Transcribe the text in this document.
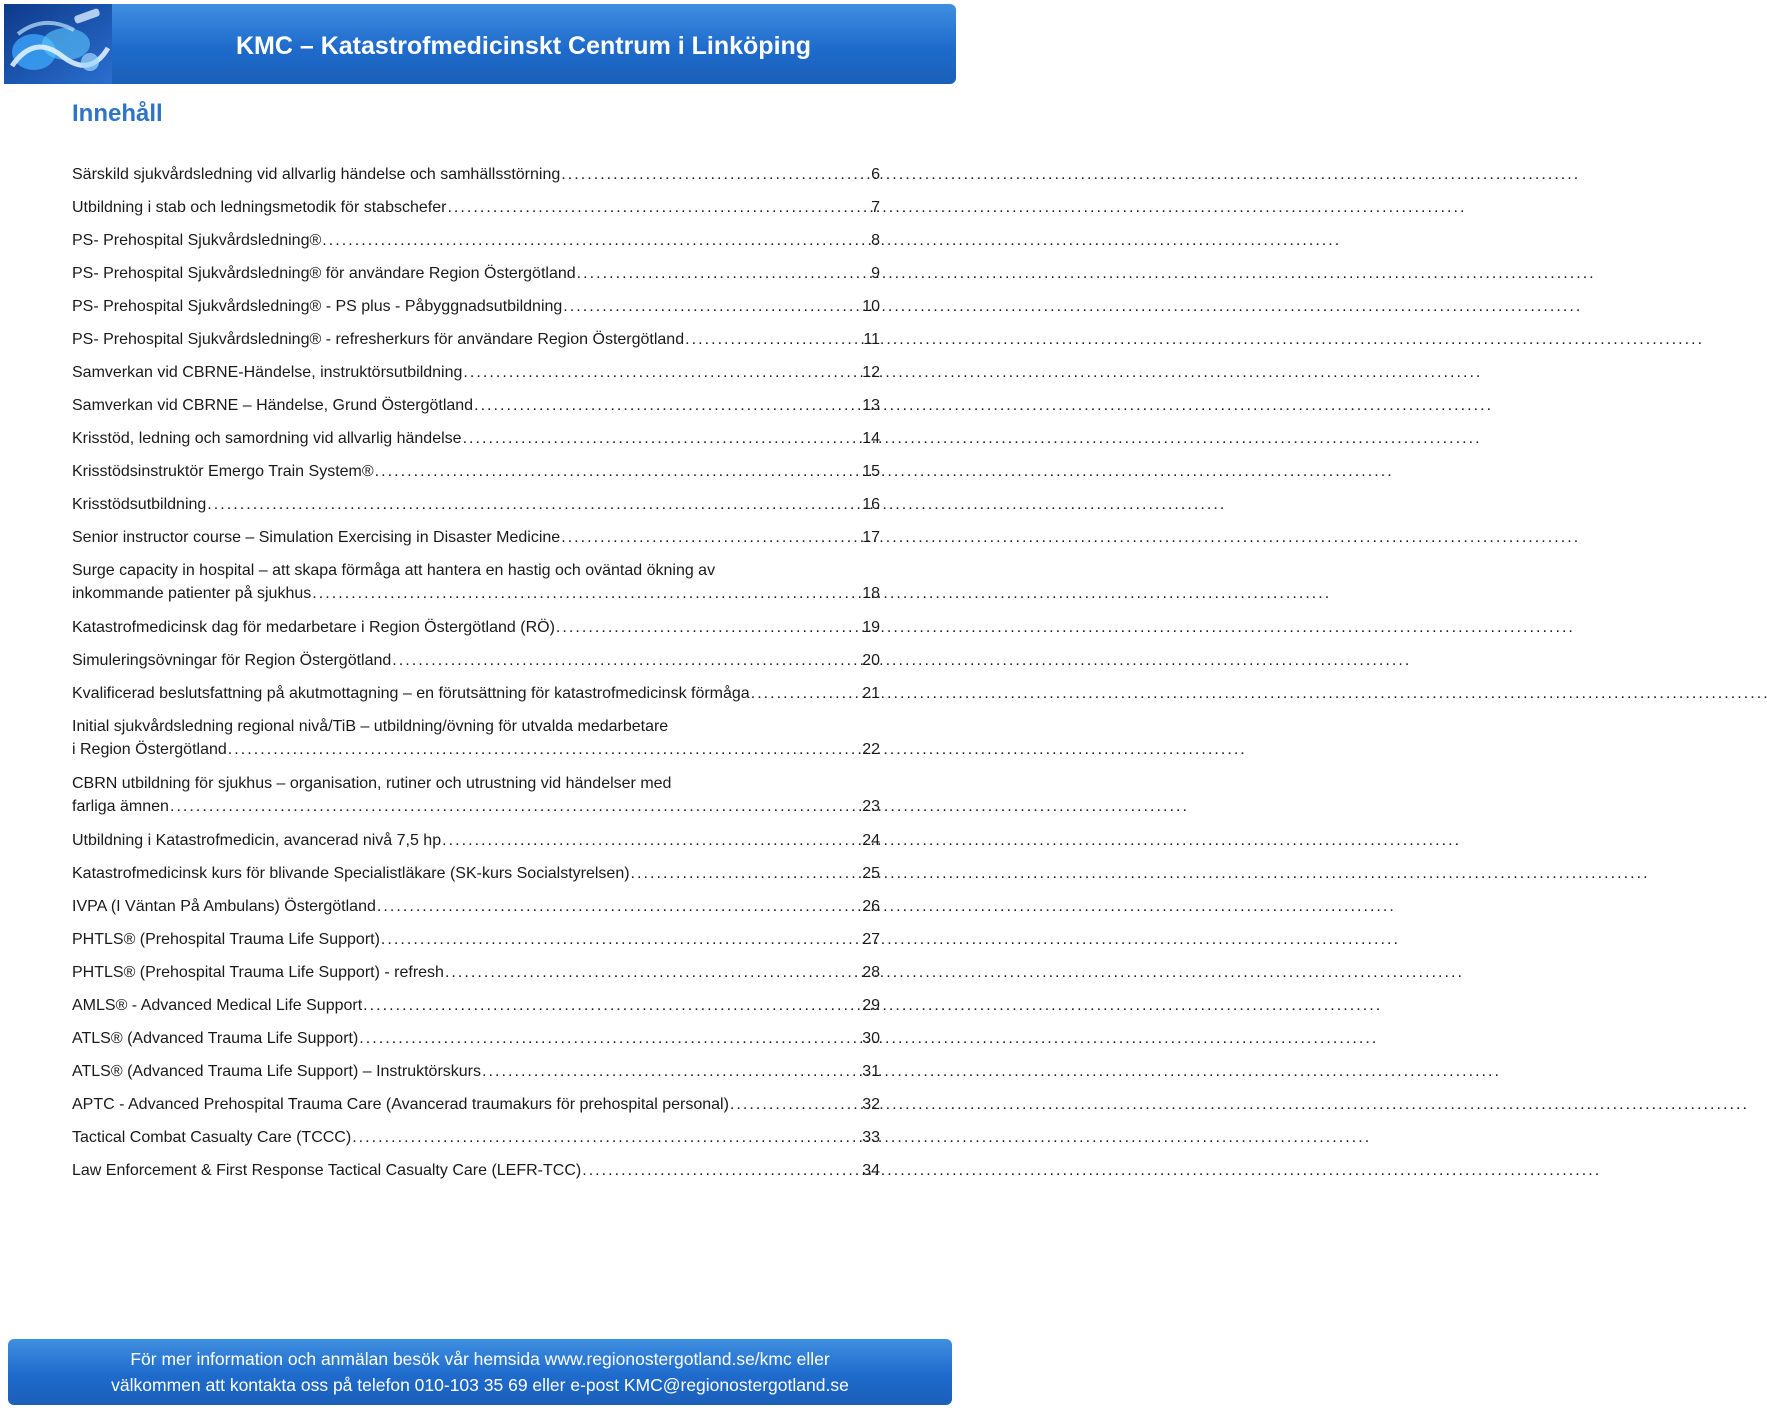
KMC – Katastrofmedicinskt Centrum i Linköping
Innehåll
Särskild sjukvårdsledning vid allvarlig händelse och samhällsstörning . . .	6
Utbildning i stab och ledningsmetodik för stabschefer . . .	7
PS- Prehospital Sjukvårdsledning® . . .	8
PS- Prehospital Sjukvårdsledning® för användare Region Östergötland . . .	9
PS- Prehospital Sjukvårdsledning® - PS plus - Påbyggnadsutbildning . . .	10
PS- Prehospital Sjukvårdsledning® - refresherkurs för användare Region Östergötland . . .	11
Samverkan vid CBRNE-Händelse, instruktörsutbildning . . .	12
Samverkan vid CBRNE – Händelse, Grund Östergötland . . .	13
Krisstöd, ledning och samordning vid allvarlig händelse . . .	14
Krisstödsinstruktör Emergo Train System® . . .	15
Krisstödsutbildning . . .	16
Senior instructor course – Simulation Exercising in Disaster Medicine . . .	17
Surge capacity in hospital – att skapa förmåga att hantera en hastig och oväntad ökning av
inkommande patienter på sjukhus . . .	18
Katastrofmedicinsk dag för medarbetare i Region Östergötland (RÖ) . . .	19
Simuleringsövningar för Region Östergötland . . .	20
Kvalificerad beslutsfattning på akutmottagning – en förutsättning för katastrofmedicinsk förmåga . . .	21
Initial sjukvårdsledning regional nivå/TiB – utbildning/övning för utvalda medarbetare
i Region Östergötland . . .	22
CBRN utbildning för sjukhus – organisation, rutiner och utrustning vid händelser med
farliga ämnen . . .	23
Utbildning i Katastrofmedicin, avancerad nivå 7,5 hp . . .	24
Katastrofmedicinsk kurs för blivande Specialistläkare (SK-kurs Socialstyrelsen) . . .	25
IVPA (I Väntan På Ambulans) Östergötland . . .	26
PHTLS® (Prehospital Trauma Life Support) . . .	27
PHTLS® (Prehospital Trauma Life Support) - refresh . . .	28
AMLS® - Advanced Medical Life Support . . .	29
ATLS® (Advanced Trauma Life Support) . . .	30
ATLS® (Advanced Trauma Life Support) – Instruktörskurs . . .	31
APTC - Advanced Prehospital Trauma Care (Avancerad traumakurs för prehospital personal) . . .	32
Tactical Combat Casualty Care (TCCC) . . .	33
Law Enforcement & First Response Tactical Casualty Care (LEFR-TCC) . . .	34
För mer information och anmälan besök vår hemsida www.regionostergotland.se/kmc eller
välkommen att kontakta oss på telefon 010-103 35 69 eller e-post KMC@regionostergotland.se
